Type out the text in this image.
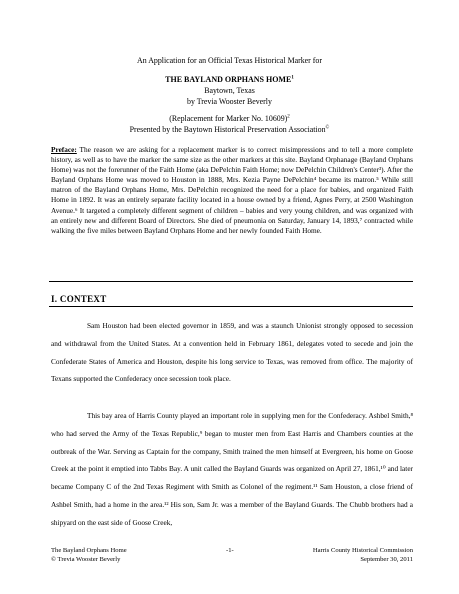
An Application for an Official Texas Historical Marker for
THE BAYLAND ORPHANS HOME$^1$
Baytown, Texas
by Trevia Wooster Beverly
(Replacement for Marker No. 10609)$^2$
Presented by the Baytown Historical Preservation Association©
Preface: The reason we are asking for a replacement marker is to correct misimpressions and to tell a more complete history, as well as to have the marker the same size as the other markers at this site. Bayland Orphanage (Bayland Orphans Home) was not the forerunner of the Faith Home (aka DePelchin Faith Home; now DePelchin Children's Center³). After the Bayland Orphans Home was moved to Houston in 1888, Mrs. Kezia Payne DePelchin⁴ became its matron.⁵ While still matron of the Bayland Orphans Home, Mrs. DePelchin recognized the need for a place for babies, and organized Faith Home in 1892. It was an entirely separate facility located in a house owned by a friend, Agnes Perry, at 2500 Washington Avenue.⁶ It targeted a completely different segment of children – babies and very young children, and was organized with an entirely new and different Board of Directors. She died of pneumonia on Saturday, January 14, 1893,⁷ contracted while walking the five miles between Bayland Orphans Home and her newly founded Faith Home.
I. CONTEXT

Sam Houston had been elected governor in 1859, and was a staunch Unionist strongly opposed to secession and withdrawal from the United States. At a convention held in February 1861, delegates voted to secede and join the Confederate States of America and Houston, despite his long service to Texas, was removed from office. The majority of Texans supported the Confederacy once secession took place.

This bay area of Harris County played an important role in supplying men for the Confederacy. Ashbel Smith,⁸ who had served the Army of the Texas Republic,⁹ began to muster men from East Harris and Chambers counties at the outbreak of the War. Serving as Captain for the company, Smith trained the men himself at Evergreen, his home on Goose Creek at the point it emptied into Tabbs Bay. A unit called the Bayland Guards was organized on April 27, 1861,¹⁰ and later became Company C of the 2nd Texas Regiment with Smith as Colonel of the regiment.¹¹ Sam Houston, a close friend of Ashbel Smith, had a home in the area.¹² His son, Sam Jr. was a member of the Bayland Guards. The Chubb brothers had a shipyard on the east side of Goose Creek,

The Bayland Orphans Home
© Trevia Wooster Beverly
-1-	Harris County Historical Commission
September 30, 2011
